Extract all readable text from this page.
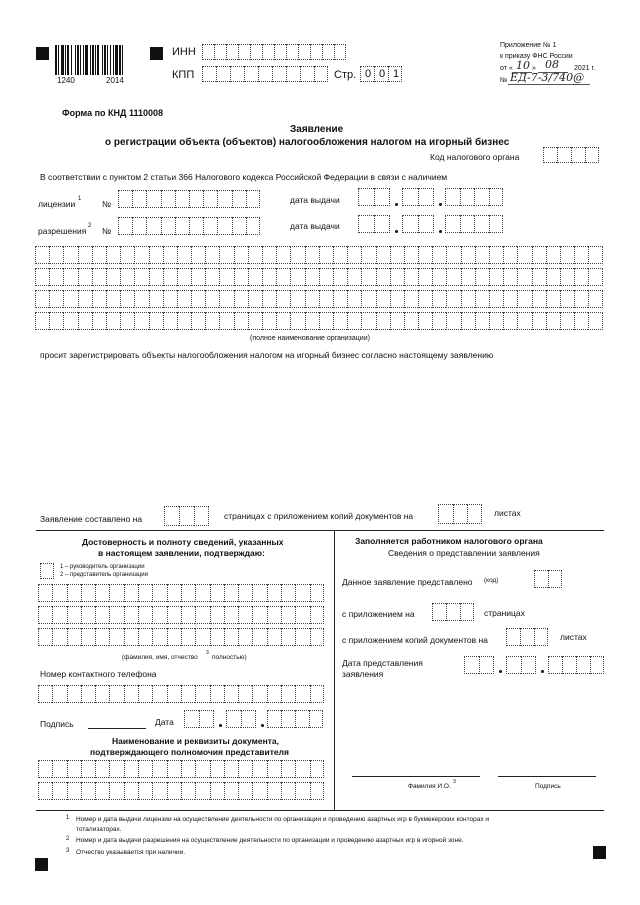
1240	2014
ИНН
КПП	Стр. 0 0 1
Приложение № 1
к приказу ФНС России
от « 10 » 08 2021 г.
№ ЕД-7-3/740@
Форма по КНД 1110008
Заявление
о регистрации объекта (объектов) налогообложения налогом на игорный бизнес
Код налогового органа
В соответствии с пунктом 2 статьи 366 Налогового кодекса Российской Федерации в связи с наличием
лицензии 1 №	дата выдачи
разрешения 2 №	дата выдачи
(полное наименование организации)
просит зарегистрировать объекты налогообложения налогом на игорный бизнес согласно настоящему заявлению
Заявление составлено на	страницах с приложением копий документов на	листах
Достоверность и полноту сведений, указанных
в настоящем заявлении, подтверждаю:
1 – руководитель организации
2 – представитель организации
(фамилия, имя, отчество
3
полностью)
Номер контактного телефона
Подпись	Дата
Наименование и реквизиты документа,
подтверждающего полномочия представителя
Заполняется работником налогового органа
Сведения о представлении заявления
Данное заявление представлено (код)
с приложением на	страницах
с приложением копий документов на	листах
Дата представления
заявления
Фамилия И.О.
3
Подпись
1 Номер и дата выдачи лицензии на осуществление деятельности по организации и проведению азартных игр в букмекерских конторах и
тотализаторах.
2 Номер и дата выдачи разрешения на осуществление деятельности по организации и проведению азартных игр в игорной зоне.
3 Отчество указывается при наличии.
